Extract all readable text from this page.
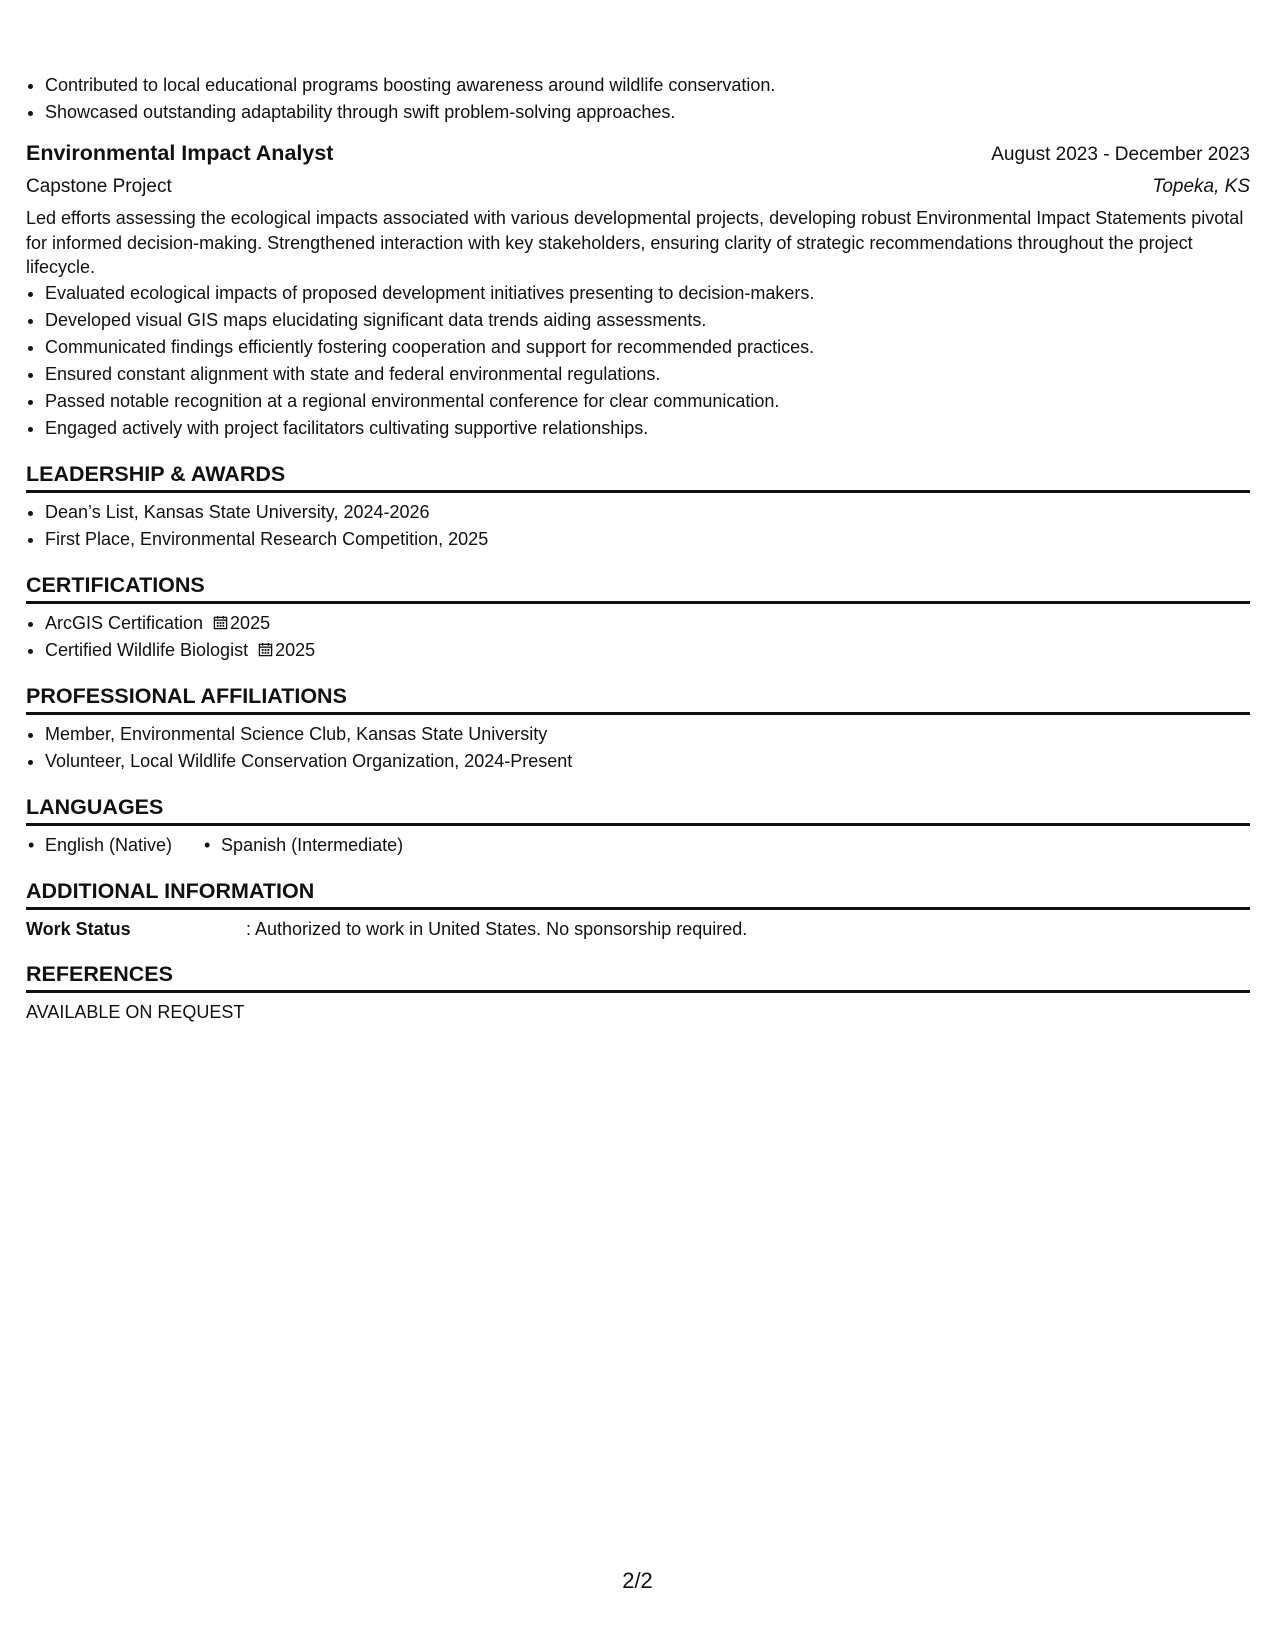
• Contributed to local educational programs boosting awareness around wildlife conservation.
• Showcased outstanding adaptability through swift problem-solving approaches.
Environmental Impact Analyst	August 2023 - December 2023
Capstone Project	Topeka, KS
Led efforts assessing the ecological impacts associated with various developmental projects, developing robust Environmental Impact Statements pivotal for informed decision-making. Strengthened interaction with key stakeholders, ensuring clarity of strategic recommendations throughout the project lifecycle.
• Evaluated ecological impacts of proposed development initiatives presenting to decision-makers.
• Developed visual GIS maps elucidating significant data trends aiding assessments.
• Communicated findings efficiently fostering cooperation and support for recommended practices.
• Ensured constant alignment with state and federal environmental regulations.
• Passed notable recognition at a regional environmental conference for clear communication.
• Engaged actively with project facilitators cultivating supportive relationships.
LEADERSHIP & AWARDS
• Dean’s List, Kansas State University, 2024-2026
• First Place, Environmental Research Competition, 2025
CERTIFICATIONS
• ArcGIS Certification 2025
• Certified Wildlife Biologist 2025
PROFESSIONAL AFFILIATIONS
• Member, Environmental Science Club, Kansas State University
• Volunteer, Local Wildlife Conservation Organization, 2024-Present
LANGUAGES
• English (Native)
•	Spanish (Intermediate)
ADDITIONAL INFORMATION
Work Status	: Authorized to work in United States. No sponsorship required.
REFERENCES
AVAILABLE ON REQUEST
2/2
